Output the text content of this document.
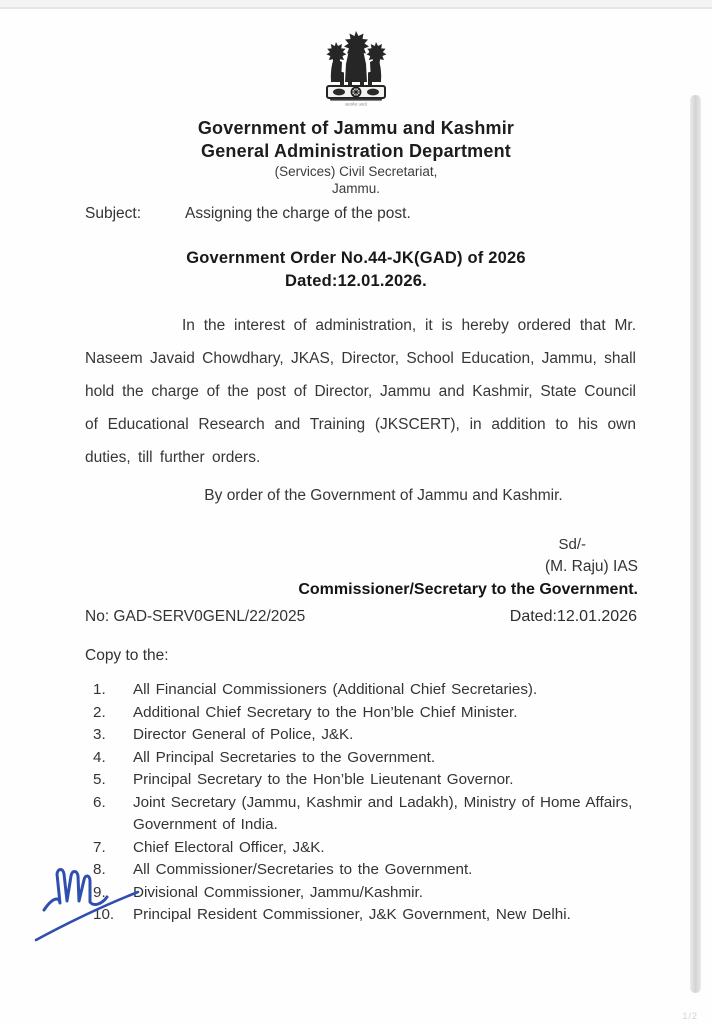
सत्यमेव जयते
Government of Jammu and Kashmir
General Administration Department
(Services) Civil Secretariat,
Jammu.
Subject:	Assigning the charge of the post.
Government Order No.44-JK(GAD) of 2026
Dated:12.01.2026.
In the interest of administration, it is hereby ordered that Mr. Naseem Javaid Chowdhary, JKAS, Director, School Education, Jammu, shall hold the charge of the post of Director, Jammu and Kashmir, State Council of Educational Research and Training (JKSCERT), in addition to his own duties, till further orders.
By order of the Government of Jammu and Kashmir.
Sd/-
(M. Raju) IAS
Commissioner/Secretary to the Government.
No: GAD-SERV0GENL/22/2025	Dated:12.01.2026
Copy to the:
1.	All Financial Commissioners (Additional Chief Secretaries).
2.	Additional Chief Secretary to the Hon’ble Chief Minister.
3.	Director General of Police, J&K.
4.	All Principal Secretaries to the Government.
5.	Principal Secretary to the Hon’ble Lieutenant Governor.
6.	Joint Secretary (Jammu, Kashmir and Ladakh), Ministry of Home Affairs, Government of India.
7.	Chief Electoral Officer, J&K.
8.	All Commissioner/Secretaries to the Government.
9.	Divisional Commissioner, Jammu/Kashmir.
10.	Principal Resident Commissioner, J&K Government, New Delhi.
1/2
